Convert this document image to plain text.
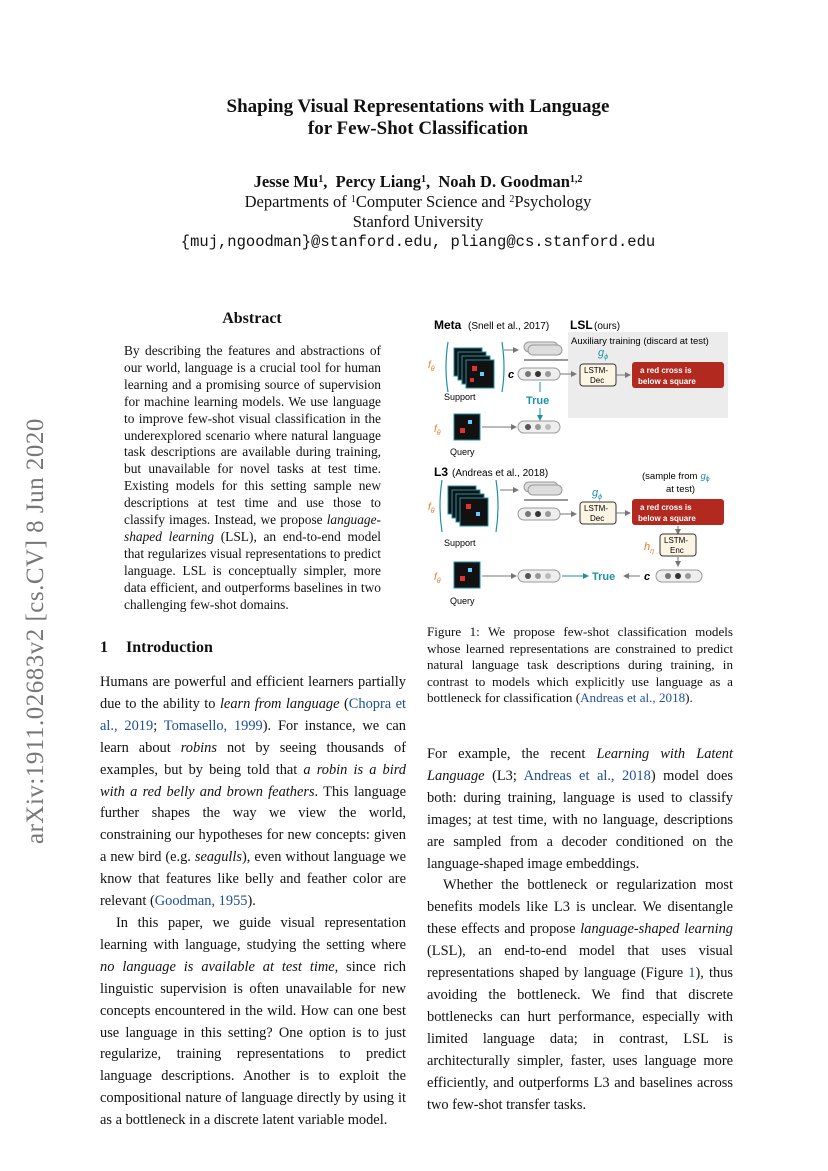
arXiv:1911.02683v2 [cs.CV] 8 Jun 2020
Shaping Visual Representations with Language
for Few-Shot Classification
Jesse Mu$^1$,  Percy Liang$^1$,  Noah D. Goodman$^{1,2}$
Departments of $^1$Computer Science and $^2$Psychology
Stanford University
{muj,ngoodman}@stanford.edu, pliang@cs.stanford.edu
Abstract
By describing the features and abstractions of our world, language is a crucial tool for human learning and a promising source of supervision for machine learning models. We use language to improve few-shot visual classification in the underexplored scenario where natural language task descriptions are available during training, but unavailable for novel tasks at test time. Existing models for this setting sample new descriptions at test time and use those to classify images. Instead, we propose language-shaped learning (LSL), an end-to-end model that regularizes visual representations to predict language. LSL is conceptually simpler, more data efficient, and outperforms baselines in two challenging few-shot domains.
1 Introduction

Humans are powerful and efficient learners partially due to the ability to learn from language (Chopra et al., 2019; Tomasello, 1999). For instance, we can learn about robins not by seeing thousands of examples, but by being told that a robin is a bird with a red belly and brown feathers. This language further shapes the way we view the world, constraining our hypotheses for new concepts: given a new bird (e.g. seagulls), even without language we know that features like belly and feather color are relevant (Goodman, 1955).

In this paper, we guide visual representation learning with language, studying the setting where no language is available at test time, since rich linguistic supervision is often unavailable for new concepts encountered in the wild. How can one best use language in this setting? One option is to just regularize, training representations to predict language descriptions. Another is to exploit the compositional nature of language directly by using it as a bottleneck in a discrete latent variable model.

For example, the recent Learning with Latent Language (L3; Andreas et al., 2018) model does both: during training, language is used to classify images; at test time, with no language, descriptions are sampled from a decoder conditioned on the language-shaped image embeddings.

Whether the bottleneck or regularization most benefits models like L3 is unclear. We disentangle these effects and propose language-shaped learning (LSL), an end-to-end model that uses visual representations shaped by language (Figure 1), thus avoiding the bottleneck. We find that discrete bottlenecks can hurt performance, especially with limited language data; in contrast, LSL is architecturally simpler, faster, uses language more efficiently, and outperforms L3 and baselines across two few-shot transfer tasks.

Meta (Snell et al., 2017) LSL (ours)
Auxiliary training (discard at test)
$f_\theta$
Support
c
$g_\phi$
LSTM-
Dec
a red cross is
below a square
True
$f_\theta$
Query
L3 (Andreas et al., 2018)	(sample from $g_\phi$
at test)
$f_\theta$
Support
$g_\phi$
LSTM-
Dec
a red cross is
below a square
$h_\eta$
LSTM-
Enc
$f_\theta$	True	c
Query
Figure 1: We propose few-shot classification models whose learned representations are constrained to predict natural language task descriptions during training, in contrast to models which explicitly use language as a bottleneck for classification (Andreas et al., 2018).
